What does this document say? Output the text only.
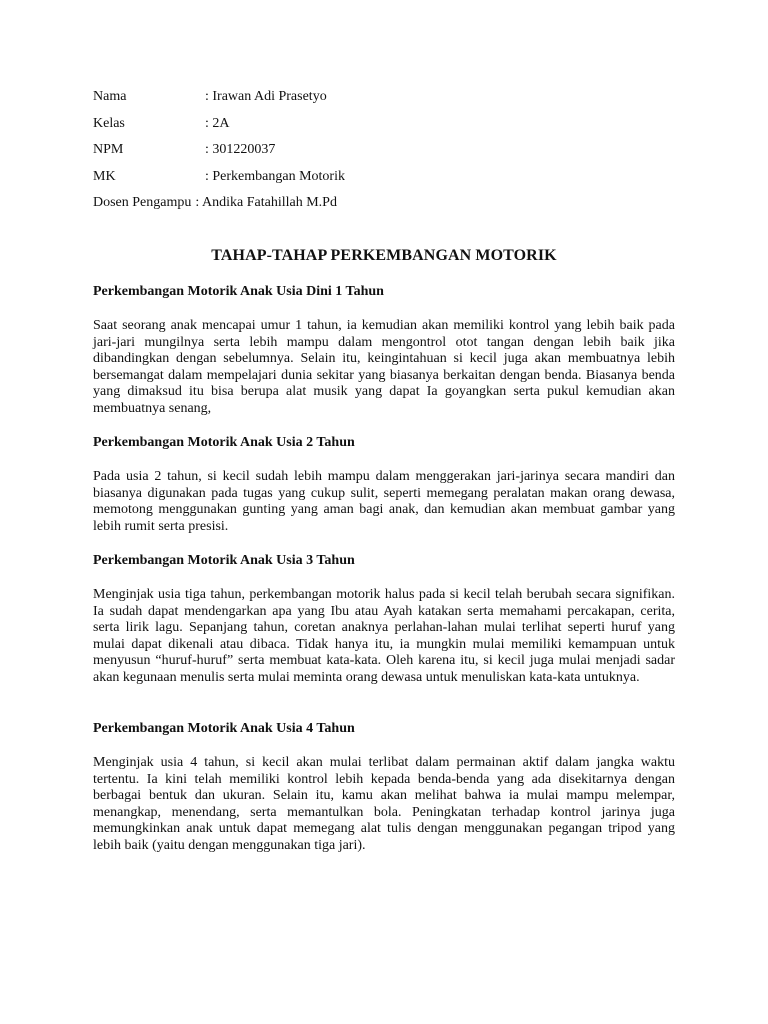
Nama	: Irawan Adi Prasetyo
Kelas	: 2A
NPM	: 301220037
MK	: Perkembangan Motorik
Dosen Pengampu : Andika Fatahillah M.Pd
TAHAP-TAHAP PERKEMBANGAN MOTORIK

Perkembangan Motorik Anak Usia Dini 1 Tahun

Saat seorang anak mencapai umur 1 tahun, ia kemudian akan memiliki kontrol yang lebih baik pada jari-jari mungilnya serta lebih mampu dalam mengontrol otot tangan dengan lebih baik jika dibandingkan dengan sebelumnya. Selain itu, keingintahuan si kecil juga akan membuatnya lebih bersemangat dalam mempelajari dunia sekitar yang biasanya berkaitan dengan benda. Biasanya benda yang dimaksud itu bisa berupa alat musik yang dapat Ia goyangkan serta pukul kemudian akan membuatnya senang,

Perkembangan Motorik Anak Usia 2 Tahun

Pada usia 2 tahun, si kecil sudah lebih mampu dalam menggerakan jari-jarinya secara mandiri dan biasanya digunakan pada tugas yang cukup sulit, seperti memegang peralatan makan orang dewasa, memotong menggunakan gunting yang aman bagi anak, dan kemudian akan membuat gambar yang lebih rumit serta presisi.

Perkembangan Motorik Anak Usia 3 Tahun

Menginjak usia tiga tahun, perkembangan motorik halus pada si kecil telah berubah secara signifikan. Ia sudah dapat mendengarkan apa yang Ibu atau Ayah katakan serta memahami percakapan, cerita, serta lirik lagu. Sepanjang tahun, coretan anaknya perlahan-lahan mulai terlihat seperti huruf yang mulai dapat dikenali atau dibaca. Tidak hanya itu, ia mungkin mulai memiliki kemampuan untuk menyusun “huruf-huruf” serta membuat kata-kata. Oleh karena itu, si kecil juga mulai menjadi sadar akan kegunaan menulis serta mulai meminta orang dewasa untuk menuliskan kata-kata untuknya.

Perkembangan Motorik Anak Usia 4 Tahun

Menginjak usia 4 tahun, si kecil akan mulai terlibat dalam permainan aktif dalam jangka waktu tertentu. Ia kini telah memiliki kontrol lebih kepada benda-benda yang ada disekitarnya dengan berbagai bentuk dan ukuran. Selain itu, kamu akan melihat bahwa ia mulai mampu melempar, menangkap, menendang, serta memantulkan bola. Peningkatan terhadap kontrol jarinya juga memungkinkan anak untuk dapat memegang alat tulis dengan menggunakan pegangan tripod yang lebih baik (yaitu dengan menggunakan tiga jari).
